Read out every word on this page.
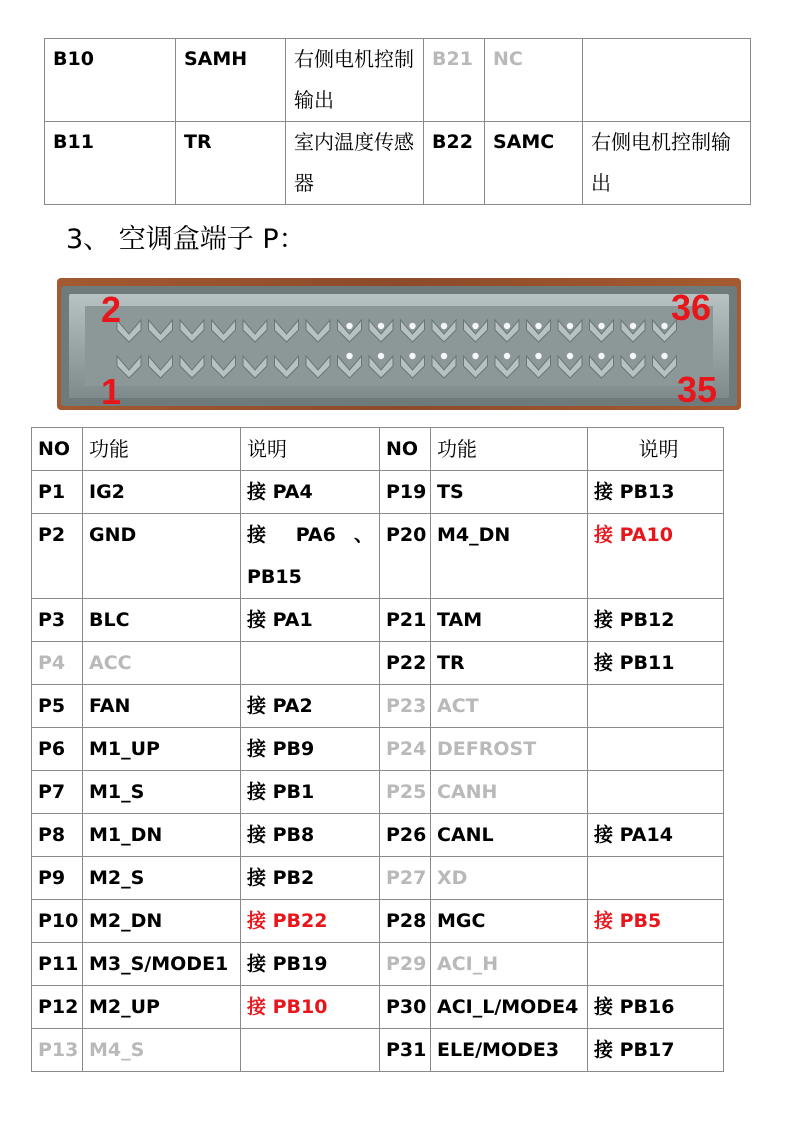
B10	SAMH	右侧电机控制输出	B21	NC	
B11	TR	室内温度传感器	B22	SAMC	右侧电机控制输出
3、 空调盒端子 P：
2
1
36
35
NO	功能	说明	NO	功能	说明
P1	IG2	接 PA4	P19	TS	接 PB13
P2	GND	接 PA6 、 PB15	P20	M4_DN	接 PA10
P3	BLC	接 PA1	P21	TAM	接 PB12
P4	ACC		P22	TR	接 PB11
P5	FAN	接 PA2	P23	ACT	
P6	M1_UP	接 PB9	P24	DEFROST	
P7	M1_S	接 PB1	P25	CANH	
P8	M1_DN	接 PB8	P26	CANL	接 PA14
P9	M2_S	接 PB2	P27	XD	
P10	M2_DN	接 PB22	P28	MGC	接 PB5
P11	M3_S/MODE1	接 PB19	P29	ACI_H	
P12	M2_UP	接 PB10	P30	ACI_L/MODE4	接 PB16
P13	M4_S		P31	ELE/MODE3	接 PB17
